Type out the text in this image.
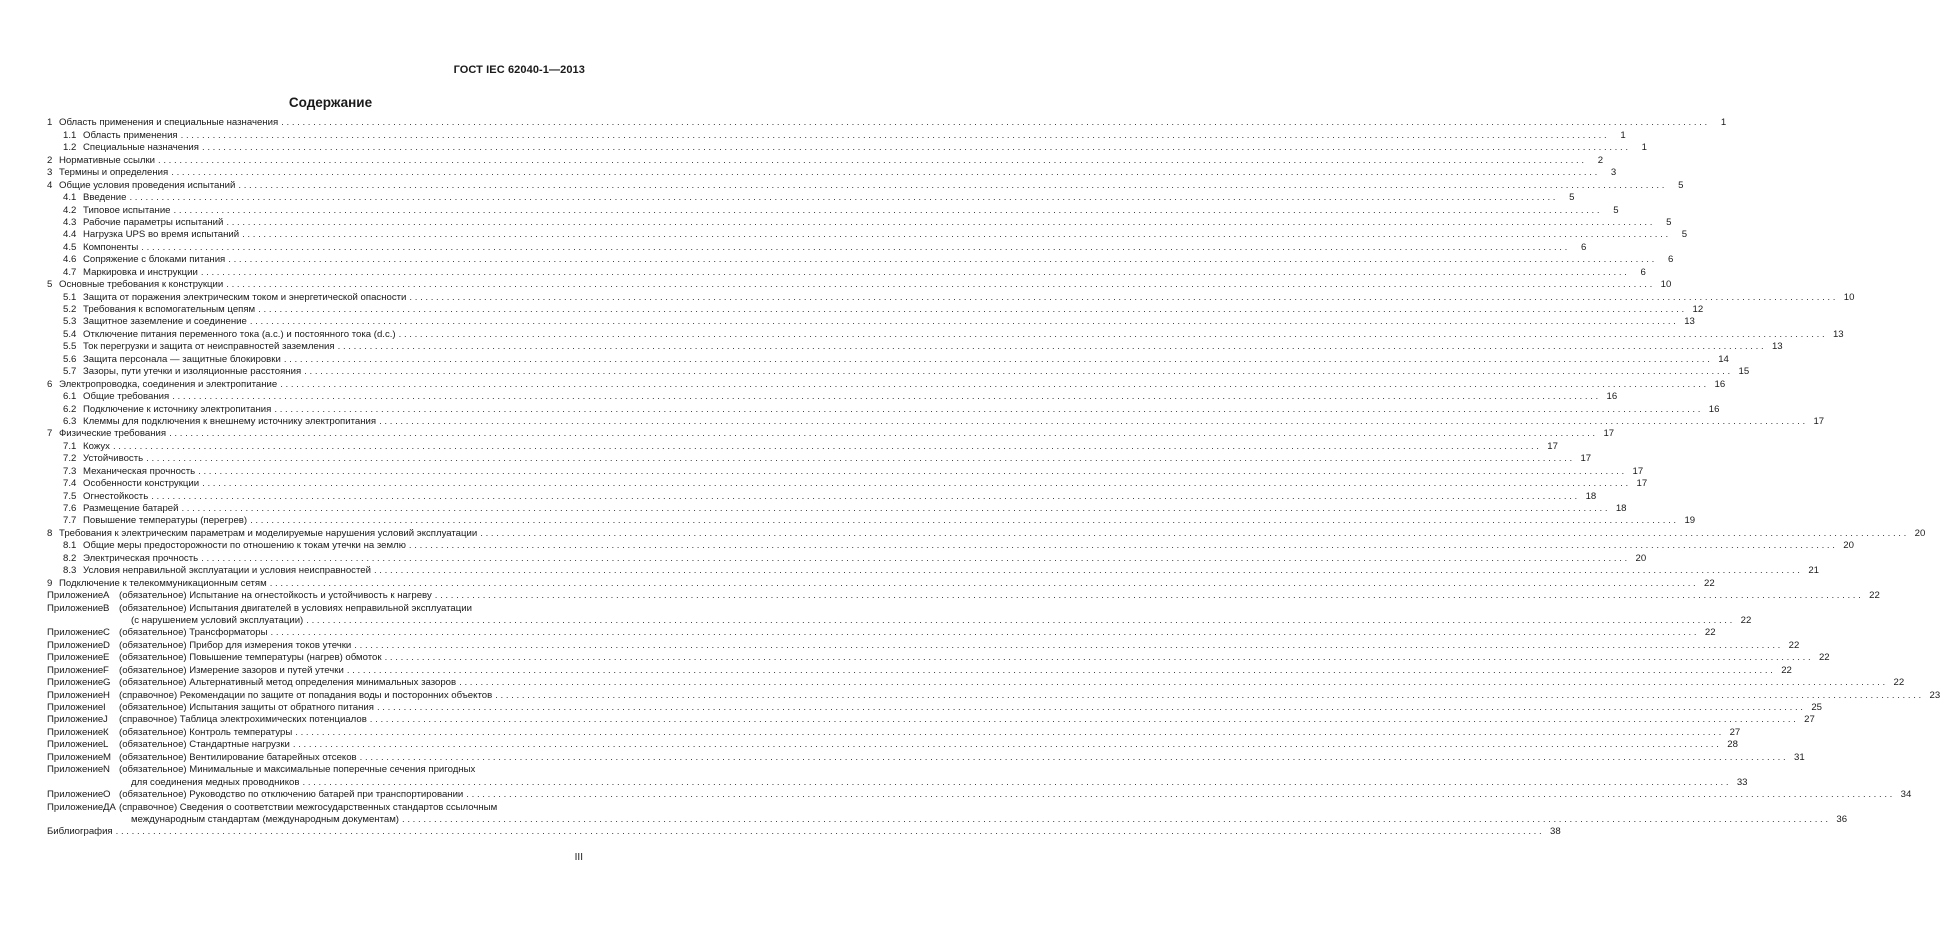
ГОСТ IEC 62040-1—2013
Содержание
1 Область применения и специальные назначения . . .	1
1.1 Область применения . . .	1
1.2 Специальные назначения . . .	1
2 Нормативные ссылки . . .	2
3 Термины и определения . . .	3
4 Общие условия проведения испытаний . . .	5
4.1 Введение . . .	5
4.2 Типовое испытание . . .	5
4.3 Рабочие параметры испытаний . . .	5
4.4 Нагрузка UPS во время испытаний . . .	5
4.5 Компоненты . . .	6
4.6 Сопряжение с блоками питания . . .	6
4.7 Маркировка и инструкции . . .	6
5 Основные требования к конструкции . . .	10
5.1 Защита от поражения электрическим током и энергетической опасности . . .	10
5.2 Требования к вспомогательным цепям . . .	12
5.3 Защитное заземление и соединение . . .	13
5.4 Отключение питания переменного тока (a.c.) и постоянного тока (d.c.) . . .	13
5.5 Ток перегрузки и защита от неисправностей заземления . . .	13
5.6 Защита персонала — защитные блокировки . . .	14
5.7 Зазоры, пути утечки и изоляционные расстояния . . .	15
6 Электропроводка, соединения и электропитание . . .	16
6.1 Общие требования . . .	16
6.2 Подключение к источнику электропитания . . .	16
6.3 Клеммы для подключения к внешнему источнику электропитания . . .	17
7 Физические требования . . .	17
7.1 Кожух . . .	17
7.2 Устойчивость . . .	17
7.3 Механическая прочность . . .	17
7.4 Особенности конструкции . . .	17
7.5 Огнестойкость . . .	18
7.6 Размещение батарей . . .	18
7.7 Повышение температуры (перегрев) . . .	19
8 Требования к электрическим параметрам и моделируемые нарушения условий эксплуатации . . .	20
8.1 Общие меры предосторожности по отношению к токам утечки на землю . . .	20
8.2 Электрическая прочность . . .	20
8.3 Условия неправильной эксплуатации и условия неисправностей . . .	21
9 Подключение к телекоммуникационным сетям . . .	22
Приложение А (обязательное) Испытание на огнестойкость и устойчивость к нагреву . . .	22
Приложение В (обязательное) Испытания двигателей в условиях неправильной эксплуатации
(с нарушением условий эксплуатации) . . .	22
Приложение С (обязательное) Трансформаторы . . .	22
Приложение D (обязательное) Прибор для измерения токов утечки . . .	22
Приложение Е (обязательное) Повышение температуры (нагрев) обмоток . . .	22
Приложение F	(обязательное) Измерение зазоров и путей утечки . . .	22
Приложение G (обязательное) Альтернативный метод определения минимальных зазоров . . .	22
Приложение Н (справочное) Рекомендации по защите от попадания воды и посторонних объектов . . .	23
Приложение I	(обязательное) Испытания защиты от обратного питания . . .	25
Приложение J	(справочное) Таблица электрохимических потенциалов . . .	27
Приложение К	(обязательное) Контроль температуры . . .	27
Приложение L	(обязательное) Стандартные нагрузки . . .	28
Приложение М (обязательное) Вентилирование батарейных отсеков . . .	31
Приложение N (обязательное) Минимальные и максимальные поперечные сечения пригодных
для соединения медных проводников . . .	33
Приложение О (обязательное) Руководство по отключению батарей при транспортировании . . .	34
Приложение ДА (справочное) Сведения о соответствии межгосударственных стандартов ссылочным
международным стандартам (международным документам) . . .	36
Библиография . . .	38
III
